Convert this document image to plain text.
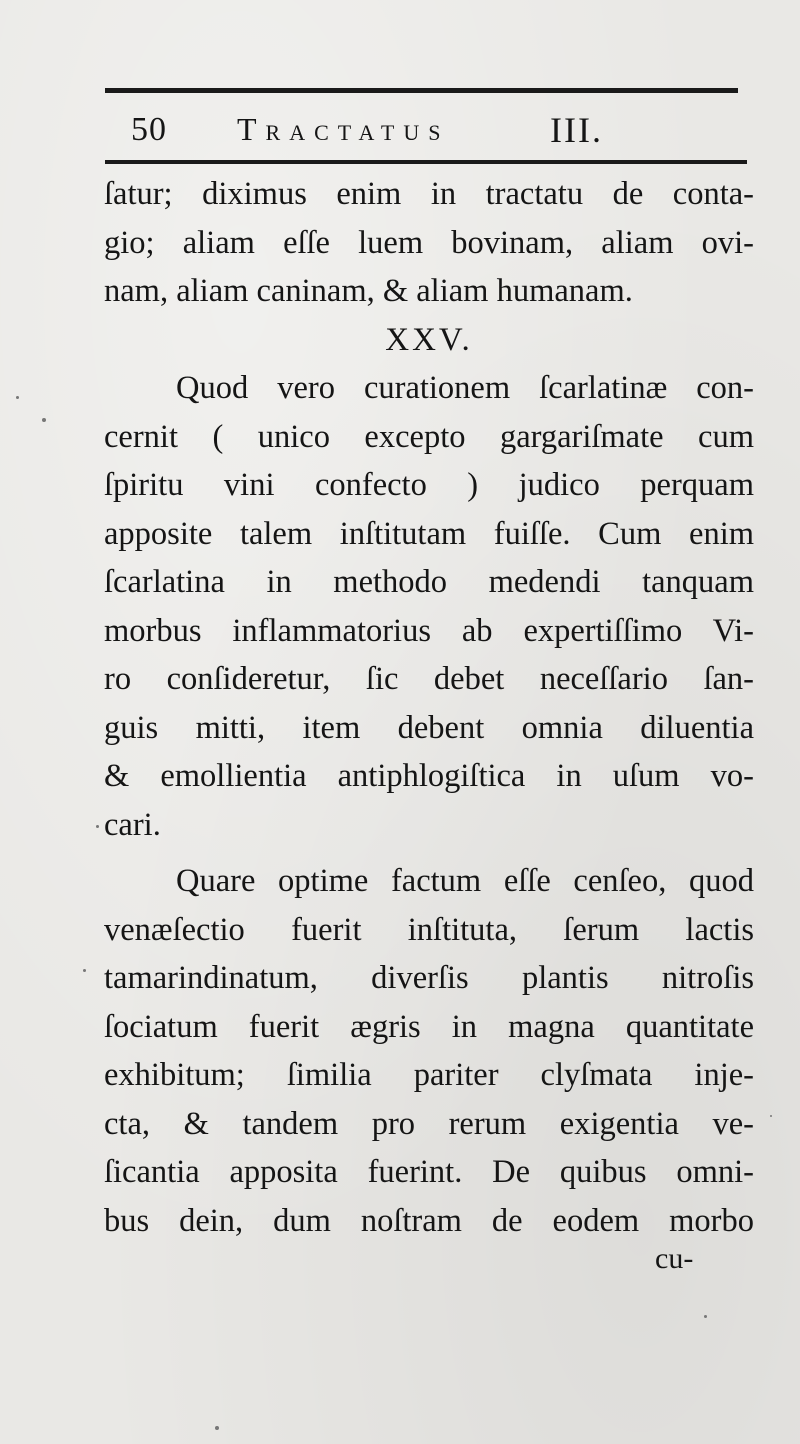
50 Tractatus	III.
ſatur; diximus enim in tractatu de conta-
gio; aliam eſſe luem bovinam, aliam ovi-
nam, aliam caninam, & aliam humanam.
XXV.
Quod vero curationem ſcarlatinæ con-
cernit ( unico excepto gargariſmate cum
ſpiritu vini confecto ) judico perquam
apposite talem inſtitutam fuiſſe. Cum enim
ſcarlatina in methodo medendi tanquam
morbus inflammatorius ab expertiſſimo Vi-
ro conſideretur, ſic debet neceſſario ſan-
guis mitti, item debent omnia diluentia
& emollientia antiphlogiſtica in uſum vo-
cari.
Quare optime factum eſſe cenſeo, quod
venæſectio fuerit inſtituta, ſerum lactis
tamarindinatum, diverſis plantis nitroſis
ſociatum fuerit ægris in magna quantitate
exhibitum; ſimilia pariter clyſmata inje-
cta, & tandem pro rerum exigentia ve-
ſicantia apposita fuerint. De quibus omni-
bus dein, dum noſtram de eodem morbo
cu-
